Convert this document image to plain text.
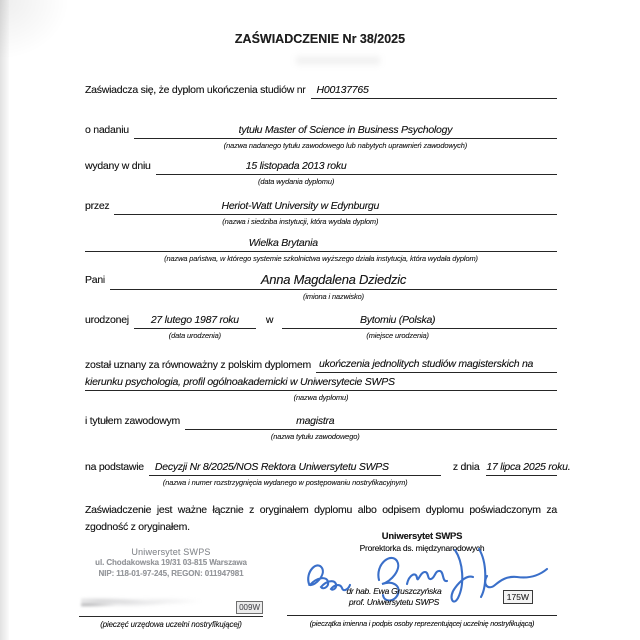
ZAŚWIADCZENIE Nr 38/2025
Zaświadcza się, że dyplom ukończenia studiów nr	H00137765
o nadaniu	tytułu Master of Science in Business Psychology
(nazwa nadanego tytułu zawodowego lub nabytych uprawnień zawodowych)
wydany w dniu	15 listopada 2013 roku
(data wydania dyplomu)
przez	Heriot-Watt University w Edynburgu
(nazwa i siedziba instytucji, która wydała dyplom)
Wielka Brytania
(nazwa państwa, w którego systemie szkolnictwa wyższego działa instytucja, która wydała dyplom)
Pani	Anna Magdalena Dziedzic
(imiona i nazwisko)
urodzonej	27 lutego 1987 roku
(data urodzenia)
w	Bytomiu (Polska)
(miejsce urodzenia)
został uznany za równoważny z polskim dyplomem ukończenia jednolitych studiów magisterskich na
kierunku psychologia, profil ogólnoakademicki w Uniwersytecie SWPS
(nazwa dyplomu)
i tytułem zawodowym	magistra
(nazwa tytułu zawodowego)
na podstawie	Decyzji Nr 8/2025/NOS Rektora Uniwersytetu SWPS
(nazwa i numer rozstrzygnięcia wydanego w postępowaniu nostryfikacyjnym)
z dnia 17 lipca 2025 roku.
Zaświadczenie jest ważne łącznie z oryginałem dyplomu albo odpisem dyplomu poświadczonym za zgodność z oryginałem.
Uniwersytet SWPS
ul. Chodakowska 19/31 03-815 Warszawa
NIP: 118-01-97-245, REGON: 011947981
009W
(pieczęć urzędowa uczelni nostryfikującej)
Uniwersytet SWPS
Prorektorka ds. międzynarodowych
dr hab. Ewa Gruszczyńska
prof. Uniwersytetu SWPS	175W
(pieczątka imienna i podpis osoby reprezentującej uczelnię nostryfikującą)
